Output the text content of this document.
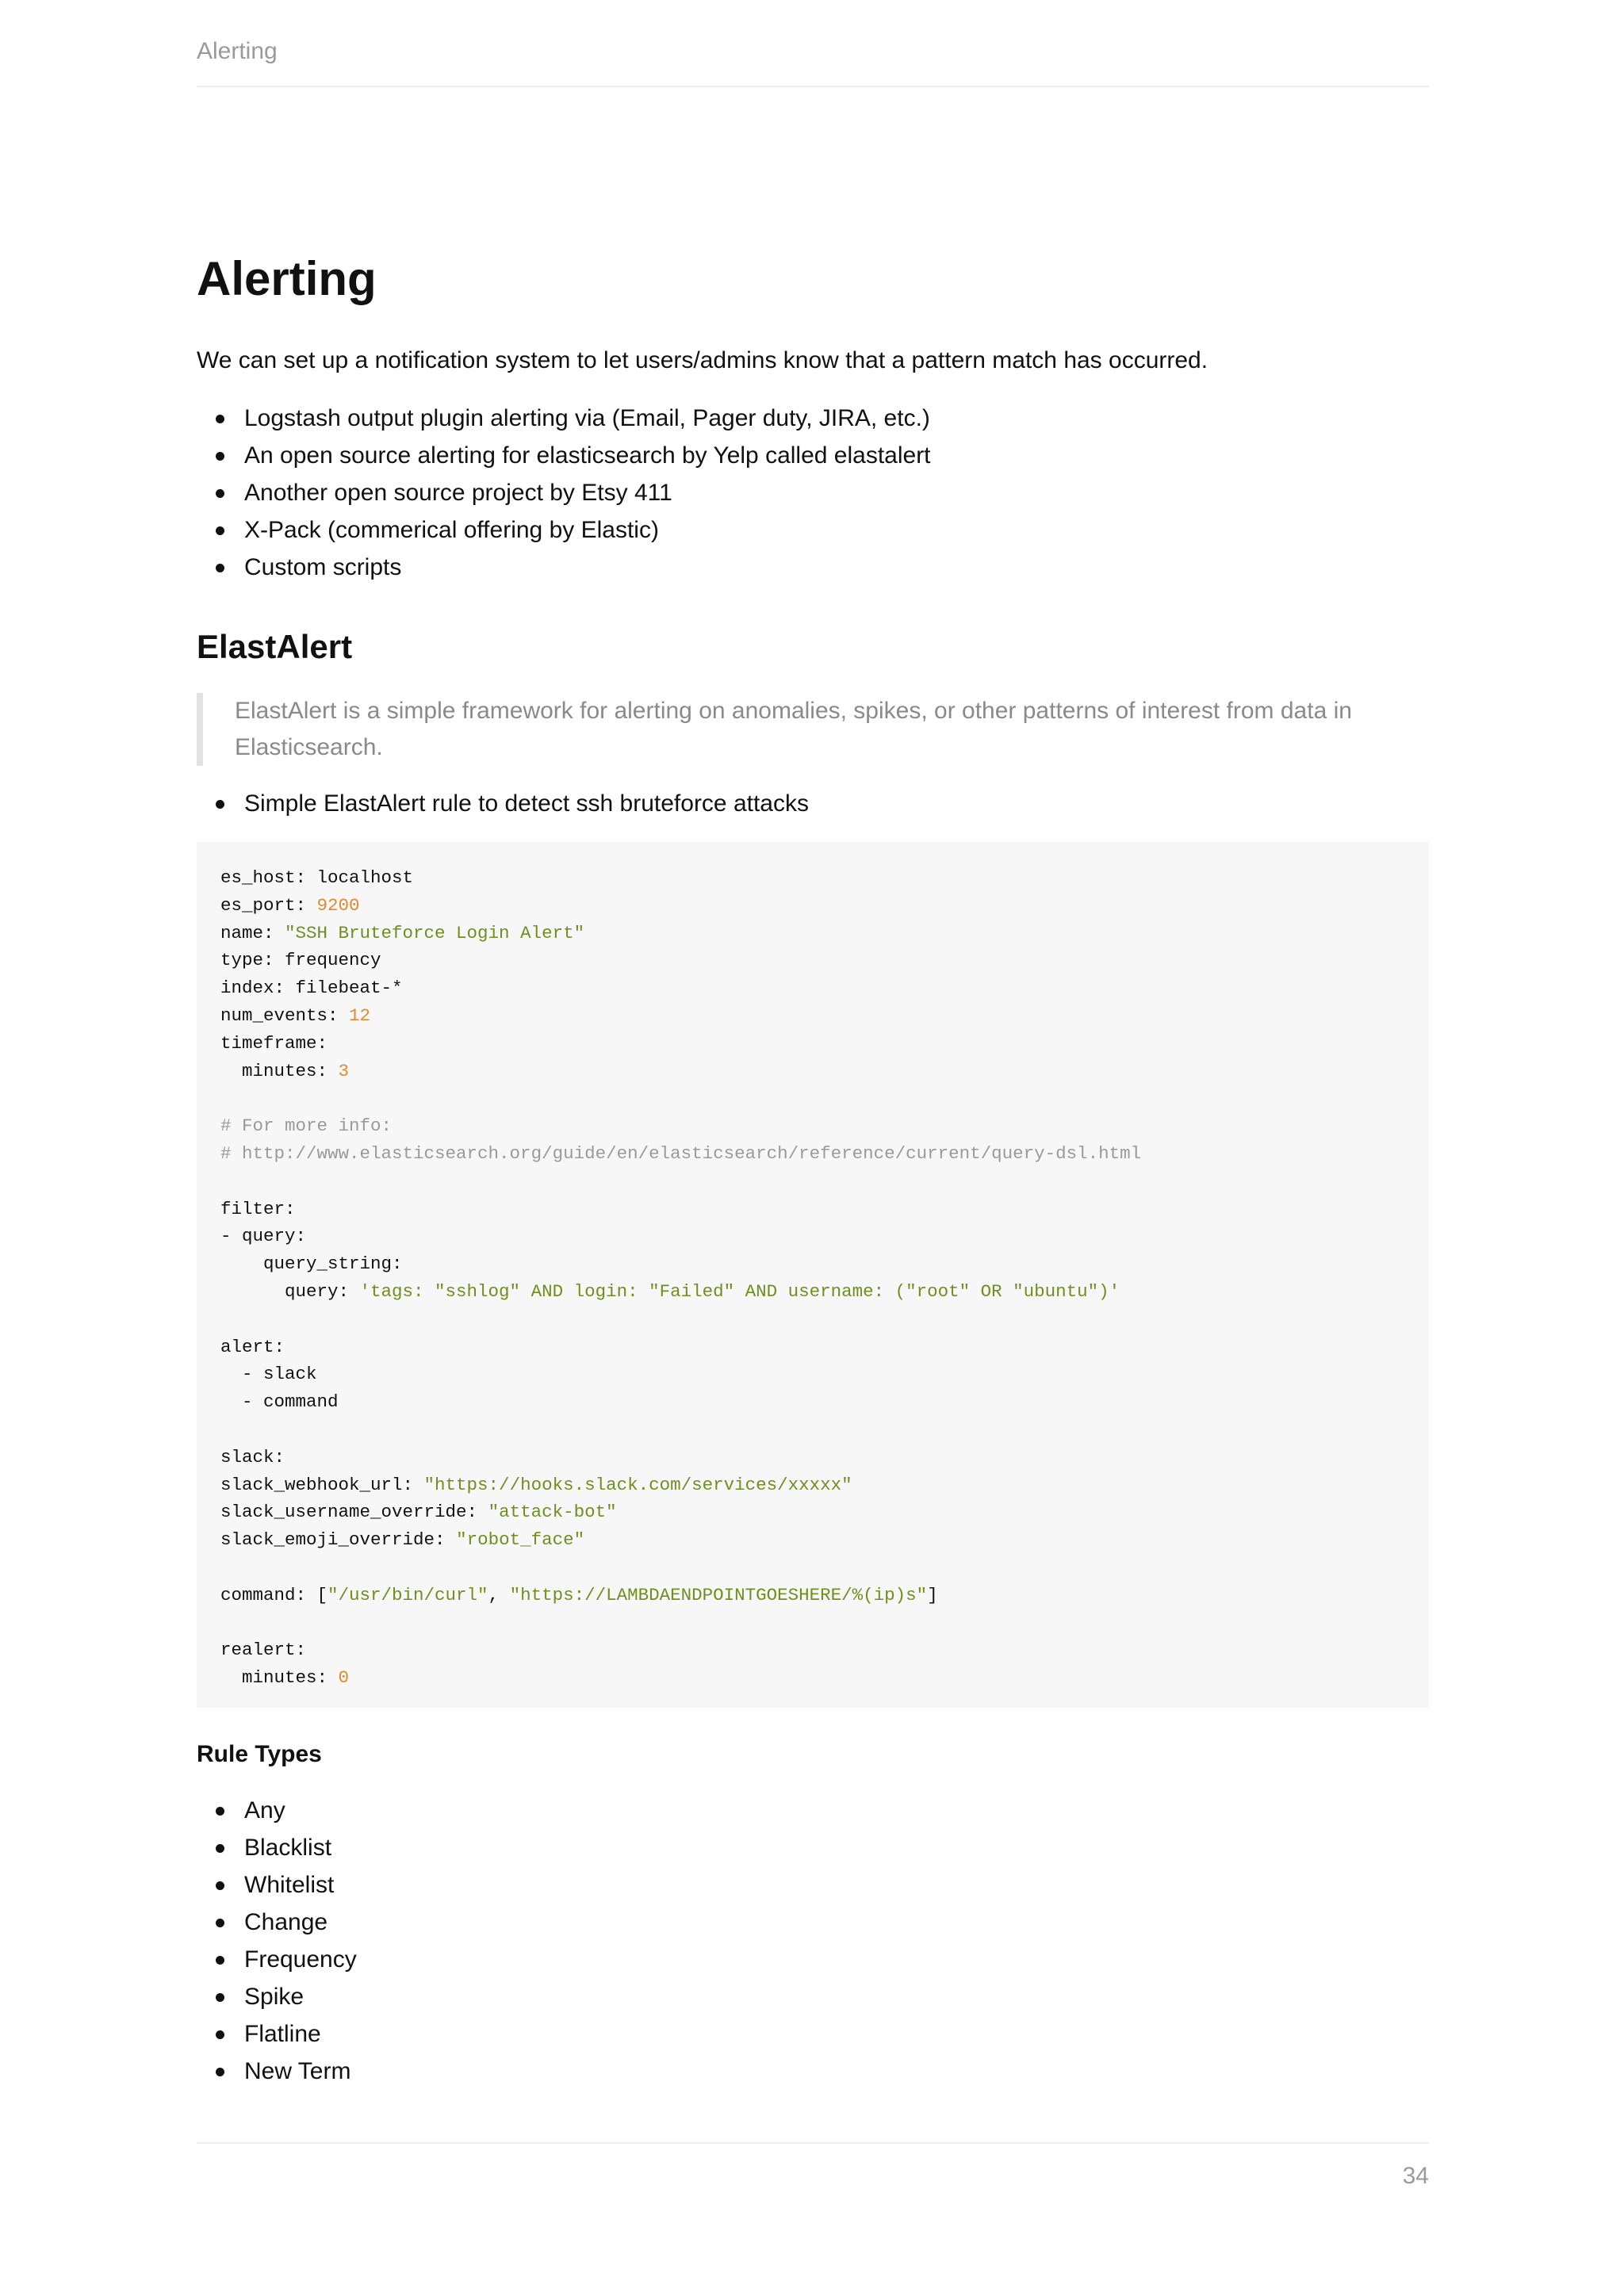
Alerting
Alerting

We can set up a notification system to let users/admins know that a pattern match has occurred.

Logstash output plugin alerting via (Email, Pager duty, JIRA, etc.)
An open source alerting for elasticsearch by Yelp called elastalert
Another open source project by Etsy 411
X-Pack (commerical offering by Elastic)
Custom scripts
ElastAlert
ElastAlert is a simple framework for alerting on anomalies, spikes, or other patterns of interest from data in Elasticsearch.
Simple ElastAlert rule to detect ssh bruteforce attacks
es_host: localhost
es_port: 9200
name: "SSH Bruteforce Login Alert"
type: frequency
index: filebeat-*
num_events: 12
timeframe:
minutes: 3
# For more info:
# http://www.elasticsearch.org/guide/en/elasticsearch/reference/current/query-dsl.html
filter:
- query:
query_string:
query: 'tags: "sshlog" AND login: "Failed" AND username: ("root" OR "ubuntu")'
alert:
- slack
- command
slack:
slack_webhook_url: "https://hooks.slack.com/services/xxxxx"
slack_username_override: "attack-bot"
slack_emoji_override: "robot_face"
command: ["/usr/bin/curl", "https://LAMBDAENDPOINTGOESHERE/%(ip)s"]
realert:
minutes: 0
Rule Types
Any
Blacklist
Whitelist
Change
Frequency
Spike
Flatline
New Term
34
